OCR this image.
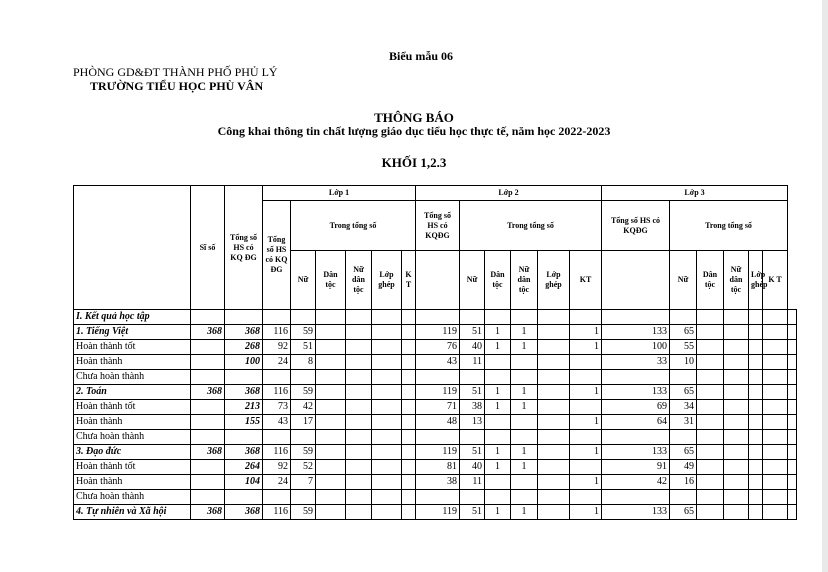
Biểu mẫu 06
PHÒNG GD&ĐT THÀNH PHỐ PHỦ LÝ
TRƯỜNG TIỂU HỌC PHÙ VÂN
THÔNG BÁO
Công khai thông tin chất lượng giáo dục tiểu học thực tế, năm học 2022-2023
KHỐI 1,2.3
	Sĩ số	Tổng số HS có KQ ĐG	Lớp 1						Lớp 2						Lớp 3						
			Tổng số HS có KQ ĐG	Trong tổng số					Tổng số HS có KQĐG	Trong tổng số					Tổng số HS có KQĐG	Trong tổng số					
				Nữ	Dân tộc	Nữ dân tộc	Lớp ghép	K T		Nữ	Dân tộc	Nữ dân tộc	Lớp ghép	KT		Nữ	Dân tộc	Nữ dân tộc	Lớp ghép	K T	
I. Kết quả học tập																					
1. Tiếng Việt	368	368	116	59					119	51	1	1		1	133	65					
Hoàn thành tốt		268	92	51					76	40	1	1		1	100	55					
Hoàn thành		100	24	8					43	11					33	10					
Chưa hoàn thành																					
2. Toán	368	368	116	59					119	51	1	1		1	133	65					
Hoàn thành tốt		213	73	42					71	38	1	1			69	34					
Hoàn thành		155	43	17					48	13				1	64	31					
Chưa hoàn thành																					
3. Đạo đức	368	368	116	59					119	51	1	1		1	133	65					
Hoàn thành tốt		264	92	52					81	40	1	1			91	49					
Hoàn thành		104	24	7					38	11				1	42	16					
Chưa hoàn thành																					
4. Tự nhiên và Xã hội	368	368	116	59					119	51	1	1		1	133	65					
